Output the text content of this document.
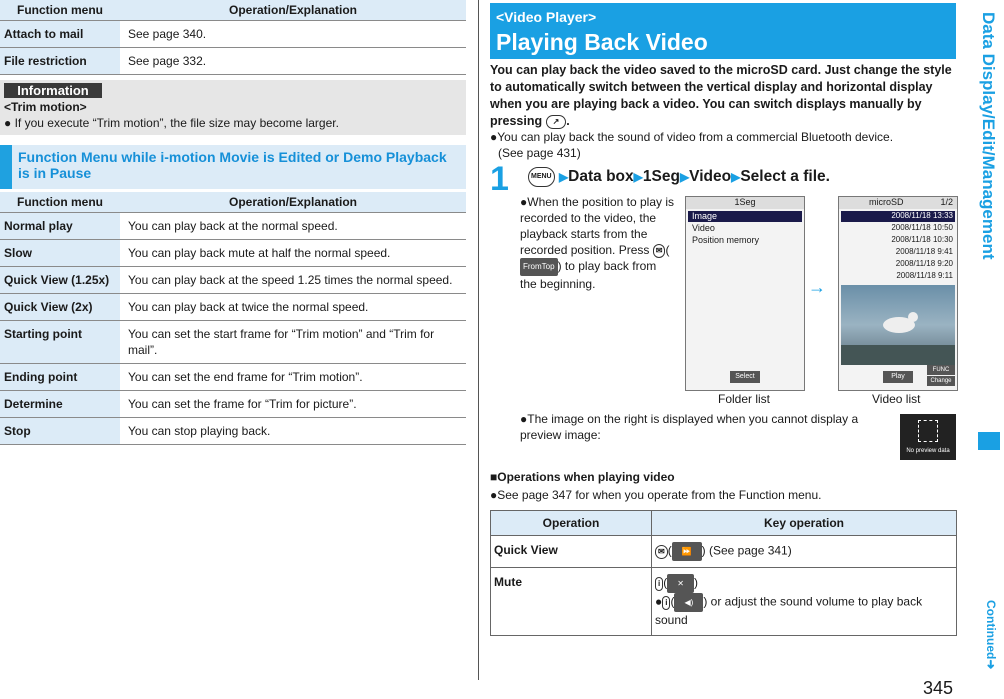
Function menu	Operation/Explanation
Attach to mail	See page 340.
File restriction	See page 332.
Information
<Trim motion>
● If you execute “Trim motion”, the file size may become larger.
Function Menu while i-motion Movie is Edited or Demo Playback is in Pause
Function menu	Operation/Explanation
Normal play	You can play back at the normal speed.
Slow	You can play back mute at half the normal speed.
Quick View (1.25x)	You can play back at the speed 1.25 times the normal speed.
Quick View (2x)	You can play back at twice the normal speed.
Starting point	You can set the start frame for “Trim motion” and “Trim for mail”.
Ending point	You can set the end frame for “Trim motion”.
Determine	You can set the frame for “Trim for picture”.
Stop	You can stop playing back.
<Video Player>
Playing Back Video
You can play back the video saved to the microSD card. Just change the style to automatically switch between the vertical display and horizontal display when you are playing back a video. You can switch displays manually by pressing ↗ .
●You can play back the sound of video from a commercial Bluetooth device.
(See page 431)
1	MENU ▶Data box▶1Seg▶Video▶Select a file.
●When the position to play is recorded to the video, the playback starts from the recorded position. Press ✉ (FromTop ) to play back from the beginning.
1Seg
Image
Video
Position memory
Select
Folder list
→
microSD	1/2
2008/11/18 13:33
2008/11/18 10:50
2008/11/18 10:30
2008/11/18 9:41
2008/11/18 9:20
2008/11/18 9:11
Play
FUNC
Change
Video list
●The image on the right is displayed when you cannot display a preview image:
No preview data
■Operations when playing video
●See page 347 for when you operate from the Function menu.
Operation	Key operation
Quick View	✉ ( ⏩ ) (See page 341)
Mute	i ( ✕ )
● i ( ◀) ) or adjust the sound volume to play back sound
Data Display/Edit/Management
Continued➜
345
